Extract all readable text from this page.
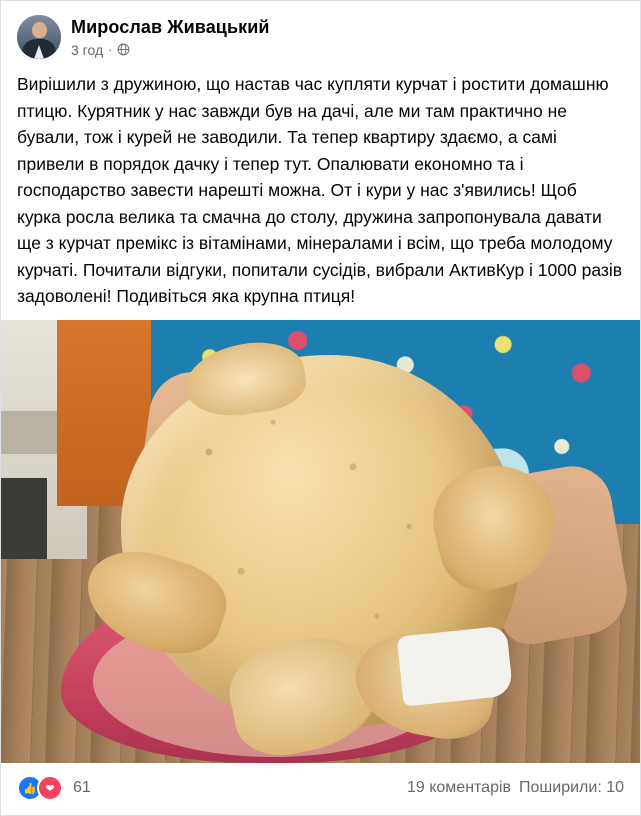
Мирослав Живацький
3 год ·
Вирішили з дружиною, що настав час купляти курчат і ростити домашню птицю. Курятник у нас завжди був на дачі, але ми там практично не бували, тож і курей не заводили. Та тепер квартиру здаємо, а самі привели в порядок дачку і тепер тут. Опалювати економно та і господарство завести нарешті можна. От і кури у нас з'явились! Щоб курка росла велика та смачна до столу, дружина запропонувала давати ще з курчат премікс із вітамінами, мінералами і всім, що треба молодому курчаті. Почитали відгуки, попитали сусідів, вибрали АктивКур і 1000 разів задоволені! Подивіться яка крупна птиця!
👍 ❤	61	19 коментарів Поширили: 10
